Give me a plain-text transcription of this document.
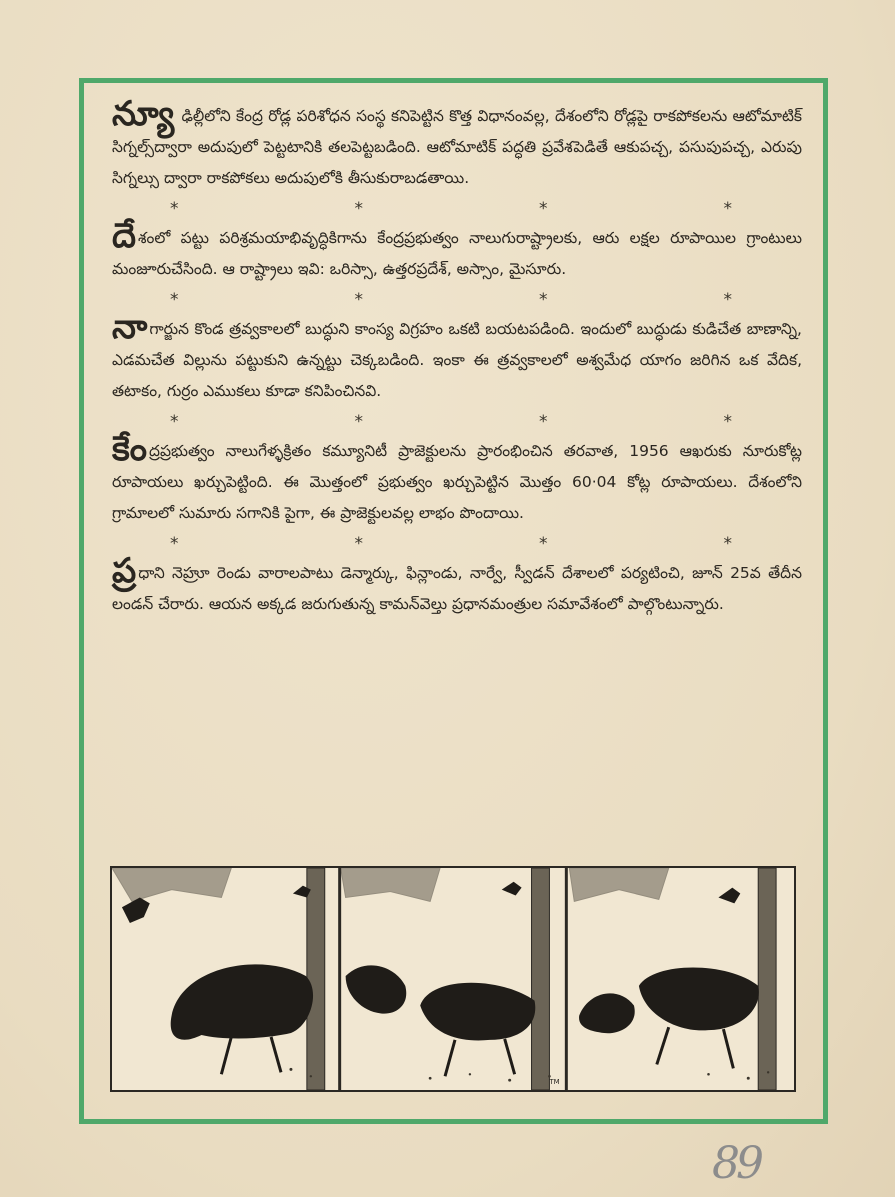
న్యూ ఢిల్లీలోని కేంద్ర రోడ్ల పరిశోధన సంస్థ కనిపెట్టిన కొత్త విధానంవల్ల, దేశంలోని రోడ్లపై రాకపోకలను ఆటోమాటిక్ సిగ్నల్స్‌ద్వారా అదుపులో పెట్టటానికి తలపెట్టబడింది. ఆటోమాటిక్ పద్ధతి ప్రవేశపెడితే ఆకుపచ్చ, పసుపుపచ్చ, ఎరుపు సిగ్నల్సు ద్వారా రాకపోకలు అదుపులోకి తీసుకురాబడతాయి.

*	*	*	*

దేశంలో పట్టు పరిశ్రమయాభివృద్ధికిగాను కేంద్రప్రభుత్వం నాలుగురాష్ట్రాలకు, ఆరు లక్షల రూపాయిల గ్రాంటులు మంజూరుచేసింది. ఆ రాష్ట్రాలు ఇవి: ఒరిస్సా, ఉత్తరప్రదేశ్, అస్సాం, మైసూరు.

*	*	*	*

నాగార్జున కొండ త్రవ్వకాలలో బుద్ధుని కాంస్య విగ్రహం ఒకటి బయటపడింది. ఇందులో బుద్ధుడు కుడిచేత బాణాన్ని, ఎడమచేత విల్లును పట్టుకుని ఉన్నట్టు చెక్కబడింది. ఇంకా ఈ త్రవ్వకాలలో అశ్వమేధ యాగం జరిగిన ఒక వేదిక, తటాకం, గుర్రం ఎముకలు కూడా కనిపించినవి.

*	*	*	*

కేంద్రప్రభుత్వం నాలుగేళ్ళక్రితం కమ్యూనిటీ ప్రాజెక్టులను ప్రారంభించిన తరవాత, 1956 ఆఖరుకు నూరుకోట్ల రూపాయలు ఖర్చుపెట్టింది. ఈ మొత్తంలో ప్రభుత్వం ఖర్చుపెట్టిన మొత్తం 60·04 కోట్ల రూపాయలు. దేశంలోని గ్రామాలలో సుమారు సగానికి పైగా, ఈ ప్రాజెక్టులవల్ల లాభం పొందాయి.

*	*	*	*

ప్ర ధాని నెహ్రూ రెండు వారాలపాటు డెన్మార్కు, ఫిన్లాండు, నార్వే, స్వీడన్ దేశాలలో పర్యటించి, జూన్ 25వ తేదీన లండన్ చేరారు. ఆయన అక్కడ జరుగుతున్న కామన్‌వెల్తు ప్రధానమంత్రుల సమావేశంలో పాల్గొంటున్నారు.

TM
89
